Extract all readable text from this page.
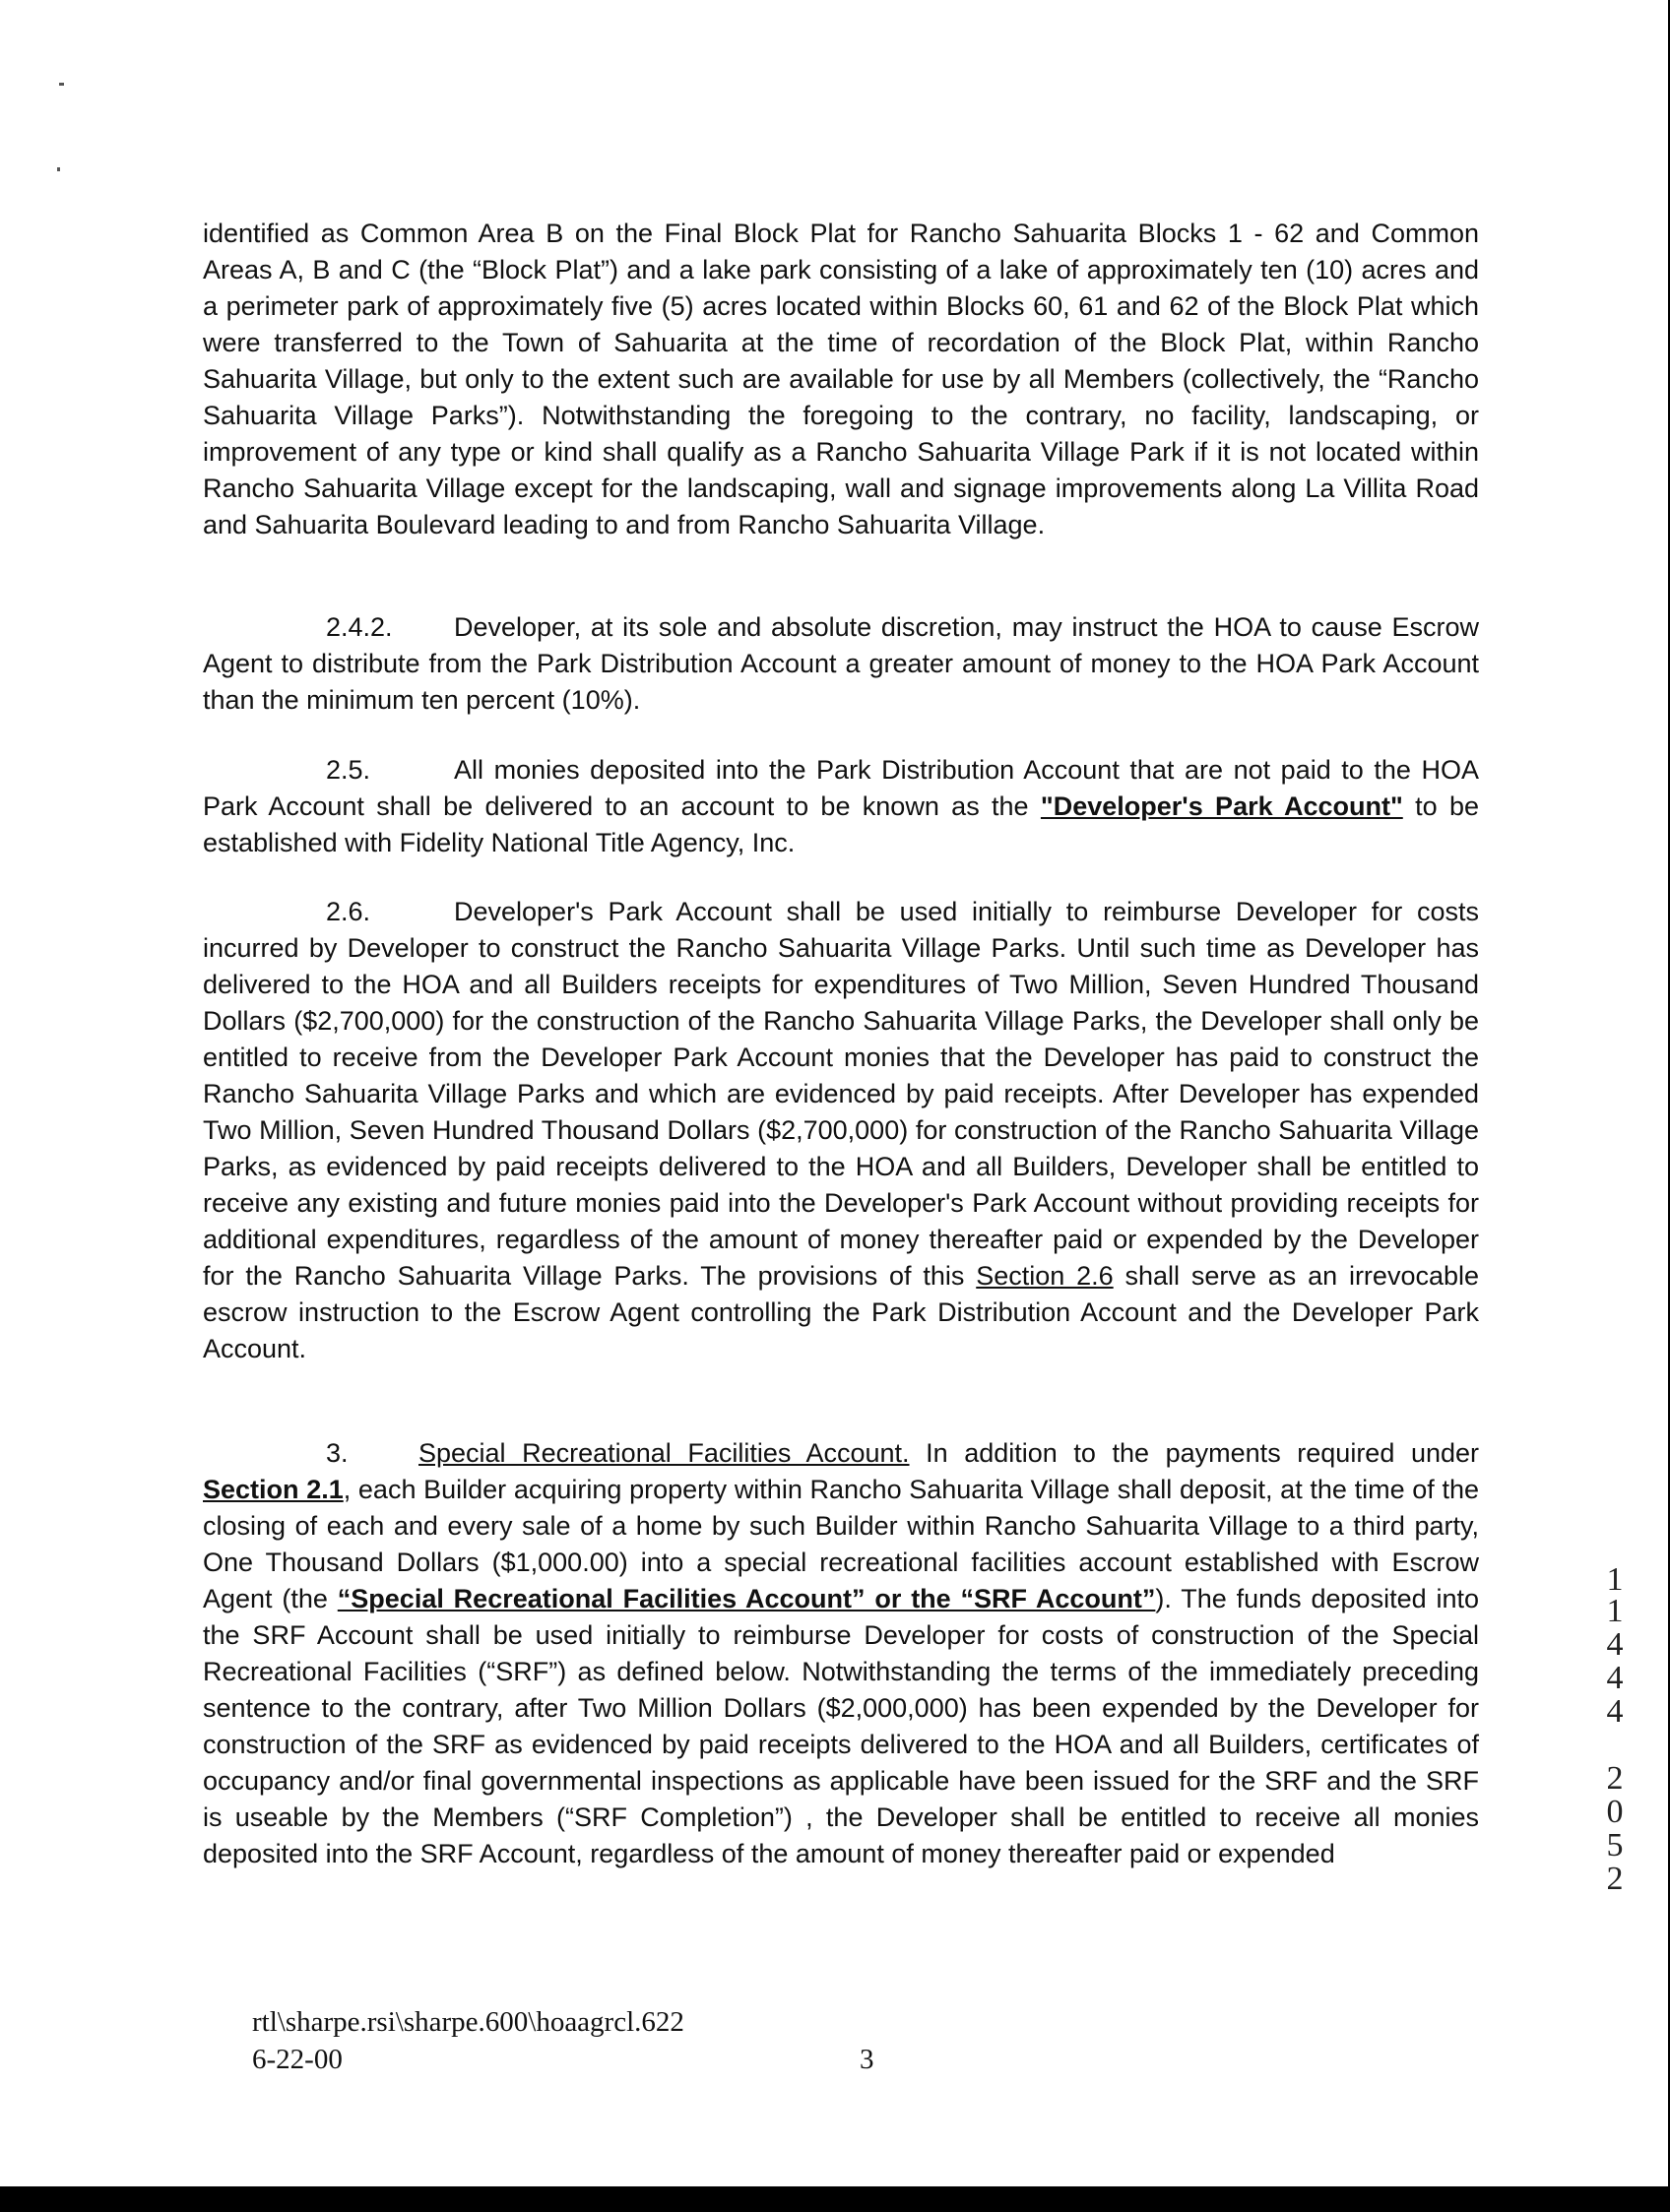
identified as Common Area B on the Final Block Plat for Rancho Sahuarita Blocks 1 - 62 and Common Areas A, B and C (the “Block Plat”) and a lake park consisting of a lake of approximately ten (10) acres and a perimeter park of approximately five (5) acres located within Blocks 60, 61 and 62 of the Block Plat which were transferred to the Town of Sahuarita at the time of recordation of the Block Plat, within Rancho Sahuarita Village, but only to the extent such are available for use by all Members (collectively, the “Rancho Sahuarita Village Parks”). Notwithstanding the foregoing to the contrary, no facility, landscaping, or improvement of any type or kind shall qualify as a Rancho Sahuarita Village Park if it is not located within Rancho Sahuarita Village except for the landscaping, wall and signage improvements along La Villita Road and Sahuarita Boulevard leading to and from Rancho Sahuarita Village.

2.4.2. Developer, at its sole and absolute discretion, may instruct the HOA to cause Escrow Agent to distribute from the Park Distribution Account a greater amount of money to the HOA Park Account than the minimum ten percent (10%).

2.5.	All monies deposited into the Park Distribution Account that are not paid to the HOA Park Account shall be delivered to an account to be known as the "Developer's Park Account" to be established with Fidelity National Title Agency, Inc.

2.6.	Developer's Park Account shall be used initially to reimburse Developer for costs incurred by Developer to construct the Rancho Sahuarita Village Parks. Until such time as Developer has delivered to the HOA and all Builders receipts for expenditures of Two Million, Seven Hundred Thousand Dollars ($2,700,000) for the construction of the Rancho Sahuarita Village Parks, the Developer shall only be entitled to receive from the Developer Park Account monies that the Developer has paid to construct the Rancho Sahuarita Village Parks and which are evidenced by paid receipts. After Developer has expended Two Million, Seven Hundred Thousand Dollars ($2,700,000) for construction of the Rancho Sahuarita Village Parks, as evidenced by paid receipts delivered to the HOA and all Builders, Developer shall be entitled to receive any existing and future monies paid into the Developer's Park Account without providing receipts for additional expenditures, regardless of the amount of money thereafter paid or expended by the Developer for the Rancho Sahuarita Village Parks. The provisions of this Section 2.6 shall serve as an irrevocable escrow instruction to the Escrow Agent controlling the Park Distribution Account and the Developer Park Account.

3.	Special Recreational Facilities Account. In addition to the payments required under Section 2.1, each Builder acquiring property within Rancho Sahuarita Village shall deposit, at the time of the closing of each and every sale of a home by such Builder within Rancho Sahuarita Village to a third party, One Thousand Dollars ($1,000.00) into a special recreational facilities account established with Escrow Agent (the “Special Recreational Facilities Account” or the “SRF Account”). The funds deposited into the SRF Account shall be used initially to reimburse Developer for costs of construction of the Special Recreational Facilities (“SRF”) as defined below. Notwithstanding the terms of the immediately preceding sentence to the contrary, after Two Million Dollars ($2,000,000) has been expended by the Developer for construction of the SRF as evidenced by paid receipts delivered to the HOA and all Builders, certificates of occupancy and/or final governmental inspections as applicable have been issued for the SRF and the SRF is useable by the Members (“SRF Completion”) , the Developer shall be entitled to receive all monies deposited into the SRF Account, regardless of the amount of money thereafter paid or expended

rtl\sharpe.rsi\sharpe.600\hoaagrcl.622
6-22-00	3
1
1
4
4
4
2
0
5
2
